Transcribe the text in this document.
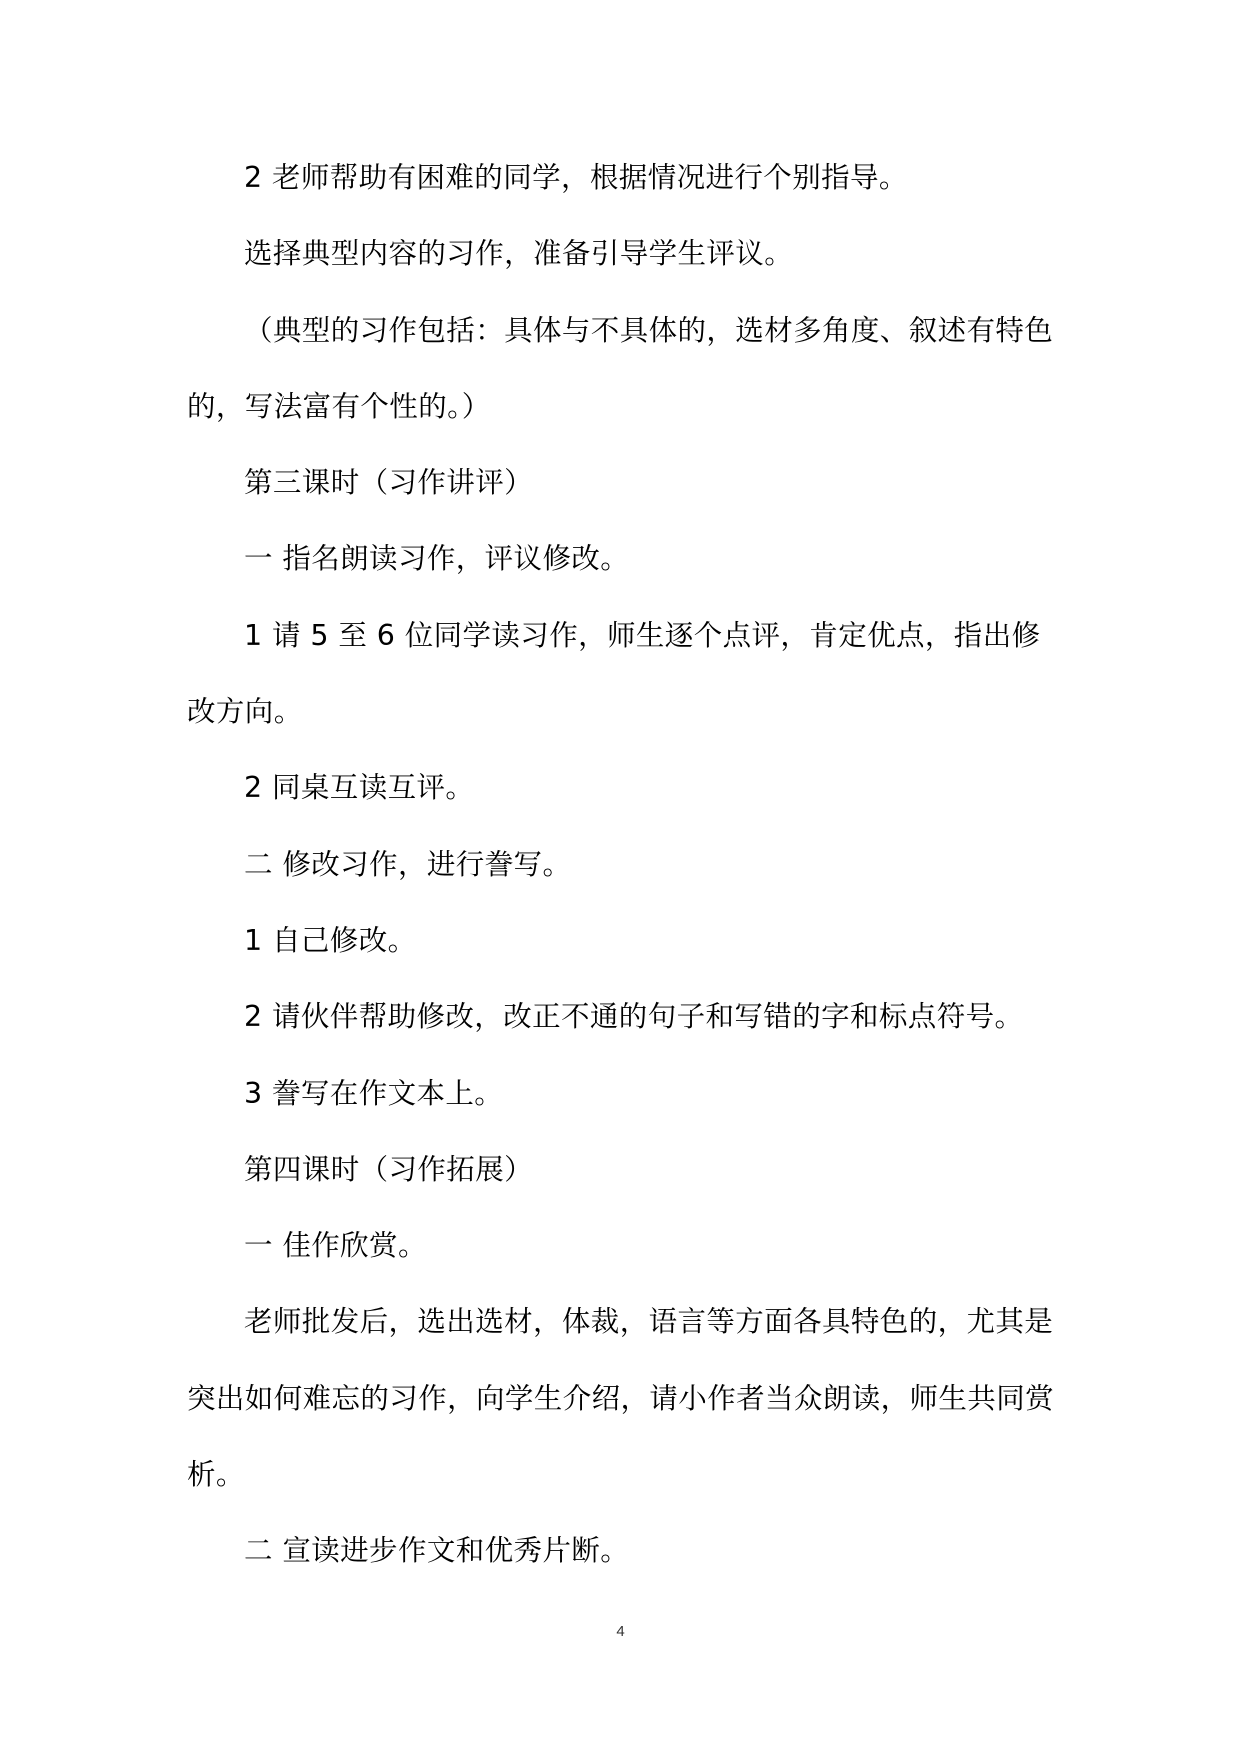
2 老师帮助有困难的同学，根据情况进行个别指导。

选择典型内容的习作，准备引导学生评议。

（典型的习作包括：具体与不具体的，选材多角度、叙述有特色的，写法富有个性的。）

第三课时（习作讲评）

一 指名朗读习作，评议修改。

1 请 5 至 6 位同学读习作，师生逐个点评，肯定优点，指出修改方向。

2 同桌互读互评。

二 修改习作，进行誊写。

1 自己修改。

2 请伙伴帮助修改，改正不通的句子和写错的字和标点符号。

3 誊写在作文本上。

第四课时（习作拓展）

一 佳作欣赏。

老师批发后，选出选材，体裁，语言等方面各具特色的，尤其是突出如何难忘的习作，向学生介绍，请小作者当众朗读，师生共同赏析。

二 宣读进步作文和优秀片断。

4
